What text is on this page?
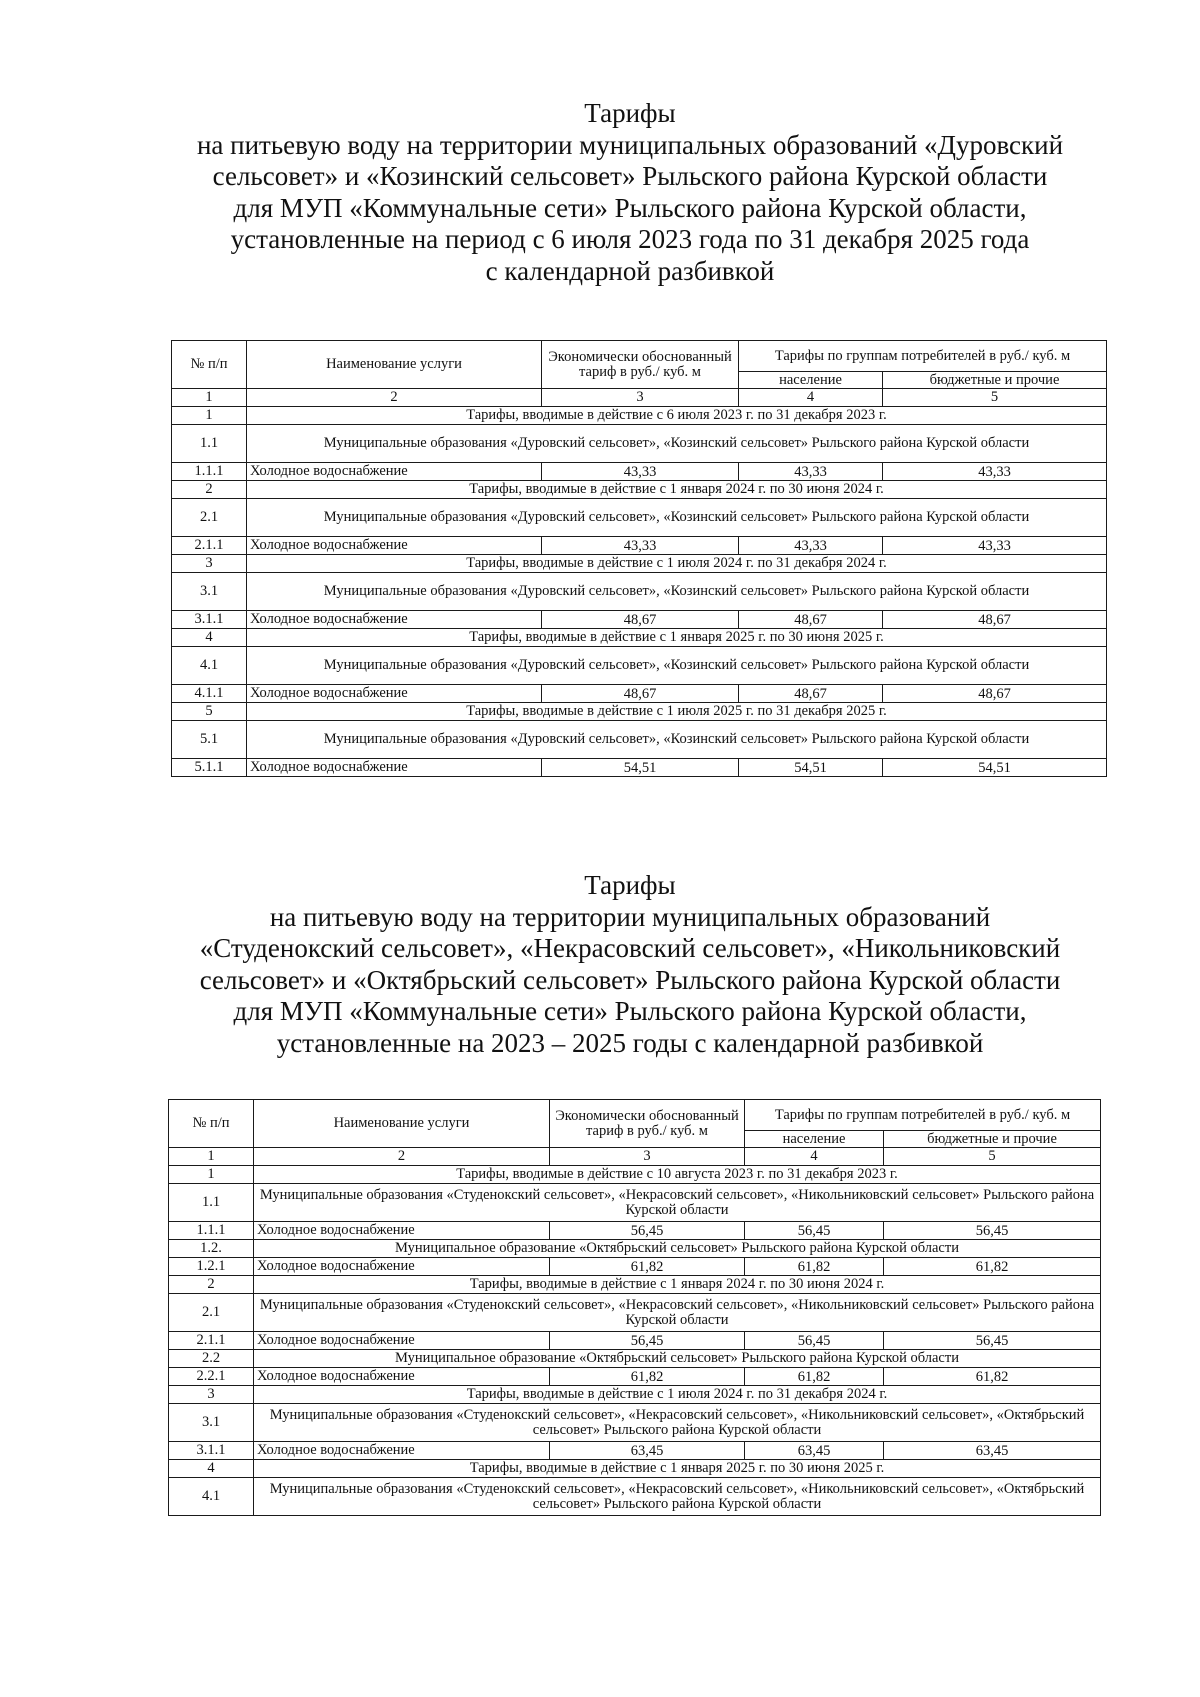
Тарифы
на питьевую воду на территории муниципальных образований «Дуровский
сельсовет» и «Козинский сельсовет» Рыльского района Курской области
для МУП «Коммунальные сети» Рыльского района Курской области,
установленные на период с 6 июля 2023 года по 31 декабря 2025 года
с календарной разбивкой
№ п/п	Наименование услуги	Экономически обоснованный тариф в руб./ куб. м	Тарифы по группам потребителей в руб./ куб. м	
			население	бюджетные и прочие
1	2	3	4	5
1	Тарифы, вводимые в действие с 6 июля 2023 г. по 31 декабря 2023 г.			
1.1	Муниципальные образования «Дуровский сельсовет», «Козинский сельсовет» Рыльского района Курской области			
1.1.1	Холодное водоснабжение	43,33	43,33	43,33
2	Тарифы, вводимые в действие с 1 января 2024 г. по 30 июня 2024 г.			
2.1	Муниципальные образования «Дуровский сельсовет», «Козинский сельсовет» Рыльского района Курской области			
2.1.1	Холодное водоснабжение	43,33	43,33	43,33
3	Тарифы, вводимые в действие с 1 июля 2024 г. по 31 декабря 2024 г.			
3.1	Муниципальные образования «Дуровский сельсовет», «Козинский сельсовет» Рыльского района Курской области			
3.1.1	Холодное водоснабжение	48,67	48,67	48,67
4	Тарифы, вводимые в действие с 1 января 2025 г. по 30 июня 2025 г.			
4.1	Муниципальные образования «Дуровский сельсовет», «Козинский сельсовет» Рыльского района Курской области			
4.1.1	Холодное водоснабжение	48,67	48,67	48,67
5	Тарифы, вводимые в действие с 1 июля 2025 г. по 31 декабря 2025 г.			
5.1	Муниципальные образования «Дуровский сельсовет», «Козинский сельсовет» Рыльского района Курской области			
5.1.1	Холодное водоснабжение	54,51	54,51	54,51
Тарифы
на питьевую воду на территории муниципальных образований
«Студенокский сельсовет», «Некрасовский сельсовет», «Никольниковский
сельсовет» и «Октябрьский сельсовет» Рыльского района Курской области
для МУП «Коммунальные сети» Рыльского района Курской области,
установленные на 2023 – 2025 годы с календарной разбивкой
№ п/п	Наименование услуги	Экономически обоснованный тариф в руб./ куб. м	Тарифы по группам потребителей в руб./ куб. м	
			население	бюджетные и прочие
1	2	3	4	5
1	Тарифы, вводимые в действие с 10 августа 2023 г. по 31 декабря 2023 г.			
1.1	Муниципальные образования «Студенокский сельсовет», «Некрасовский сельсовет», «Никольниковский сельсовет» Рыльского района Курской области			
1.1.1	Холодное водоснабжение	56,45	56,45	56,45
1.2.	Муниципальное образование «Октябрьский сельсовет» Рыльского района Курской области			
1.2.1	Холодное водоснабжение	61,82	61,82	61,82
2	Тарифы, вводимые в действие с 1 января 2024 г. по 30 июня 2024 г.			
2.1	Муниципальные образования «Студенокский сельсовет», «Некрасовский сельсовет», «Никольниковский сельсовет» Рыльского района Курской области			
2.1.1	Холодное водоснабжение	56,45	56,45	56,45
2.2	Муниципальное образование «Октябрьский сельсовет» Рыльского района Курской области			
2.2.1	Холодное водоснабжение	61,82	61,82	61,82
3	Тарифы, вводимые в действие с 1 июля 2024 г. по 31 декабря 2024 г.			
3.1	Муниципальные образования «Студенокский сельсовет», «Некрасовский сельсовет», «Никольниковский сельсовет», «Октябрьский сельсовет» Рыльского района Курской области			
3.1.1	Холодное водоснабжение	63,45	63,45	63,45
4	Тарифы, вводимые в действие с 1 января 2025 г. по 30 июня 2025 г.			
4.1	Муниципальные образования «Студенокский сельсовет», «Некрасовский сельсовет», «Никольниковский сельсовет», «Октябрьский сельсовет» Рыльского района Курской области			
